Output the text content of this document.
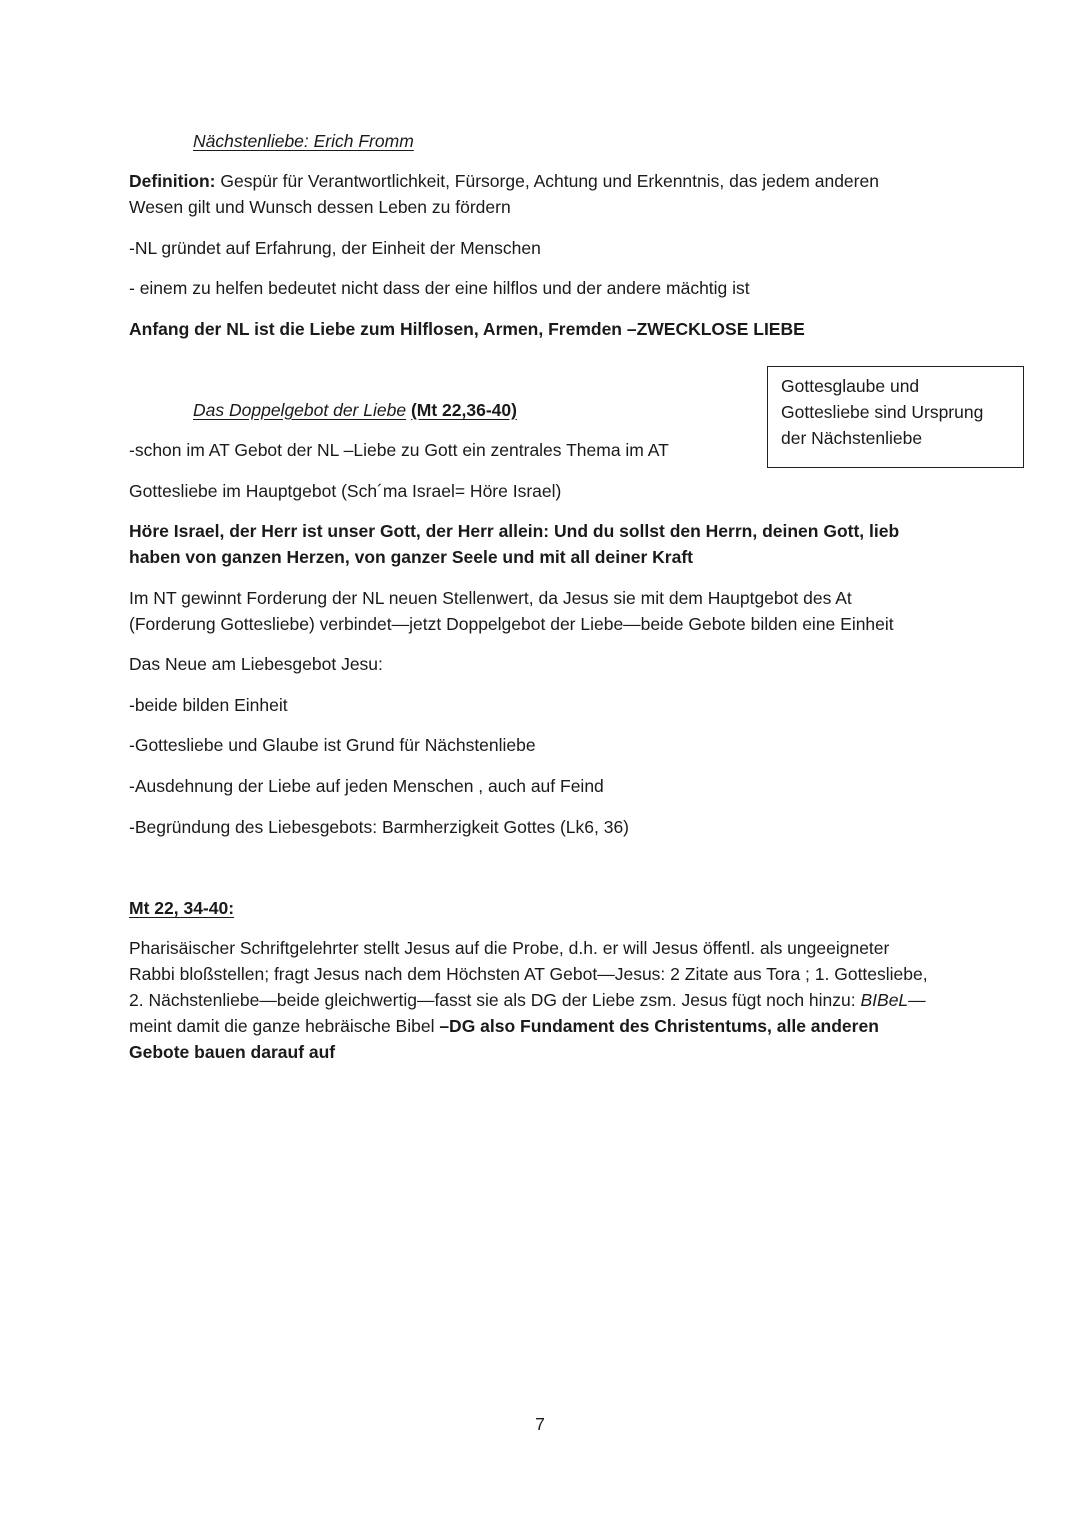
Nächstenliebe: Erich Fromm
Definition: Gespür für Verantwortlichkeit, Fürsorge, Achtung und Erkenntnis, das jedem anderen
Wesen gilt und Wunsch dessen Leben zu fördern
-NL gründet auf Erfahrung, der Einheit der Menschen
- einem zu helfen bedeutet nicht dass der eine hilflos und der andere mächtig ist
Anfang der NL ist die Liebe zum Hilflosen, Armen, Fremden –ZWECKLOSE LIEBE
Gottesglaube und
Gottesliebe sind Ursprung
der Nächstenliebe
Das Doppelgebot der Liebe (Mt 22,36-40)
-schon im AT Gebot der NL –Liebe zu Gott ein zentrales Thema im AT
Gottesliebe im Hauptgebot (Sch´ma Israel= Höre Israel)
Höre Israel, der Herr ist unser Gott, der Herr allein: Und du sollst den Herrn, deinen Gott, lieb
haben von ganzen Herzen, von ganzer Seele und mit all deiner Kraft
Im NT gewinnt Forderung der NL neuen Stellenwert, da Jesus sie mit dem Hauptgebot des At
(Forderung Gottesliebe) verbindet—jetzt Doppelgebot der Liebe—beide Gebote bilden eine Einheit
Das Neue am Liebesgebot Jesu:
-beide bilden Einheit
-Gottesliebe und Glaube ist Grund für Nächstenliebe
-Ausdehnung der Liebe auf jeden Menschen , auch auf Feind
-Begründung des Liebesgebots: Barmherzigkeit Gottes (Lk6, 36)
Mt 22, 34-40:
Pharisäischer Schriftgelehrter stellt Jesus auf die Probe, d.h. er will Jesus öffentl. als ungeeigneter
Rabbi bloßstellen; fragt Jesus nach dem Höchsten AT Gebot—Jesus: 2 Zitate aus Tora ; 1. Gottesliebe,
2. Nächstenliebe—beide gleichwertig—fasst sie als DG der Liebe zsm. Jesus fügt noch hinzu: BIBeL—
meint damit die ganze hebräische Bibel –DG also Fundament des Christentums, alle anderen
Gebote bauen darauf auf
7
